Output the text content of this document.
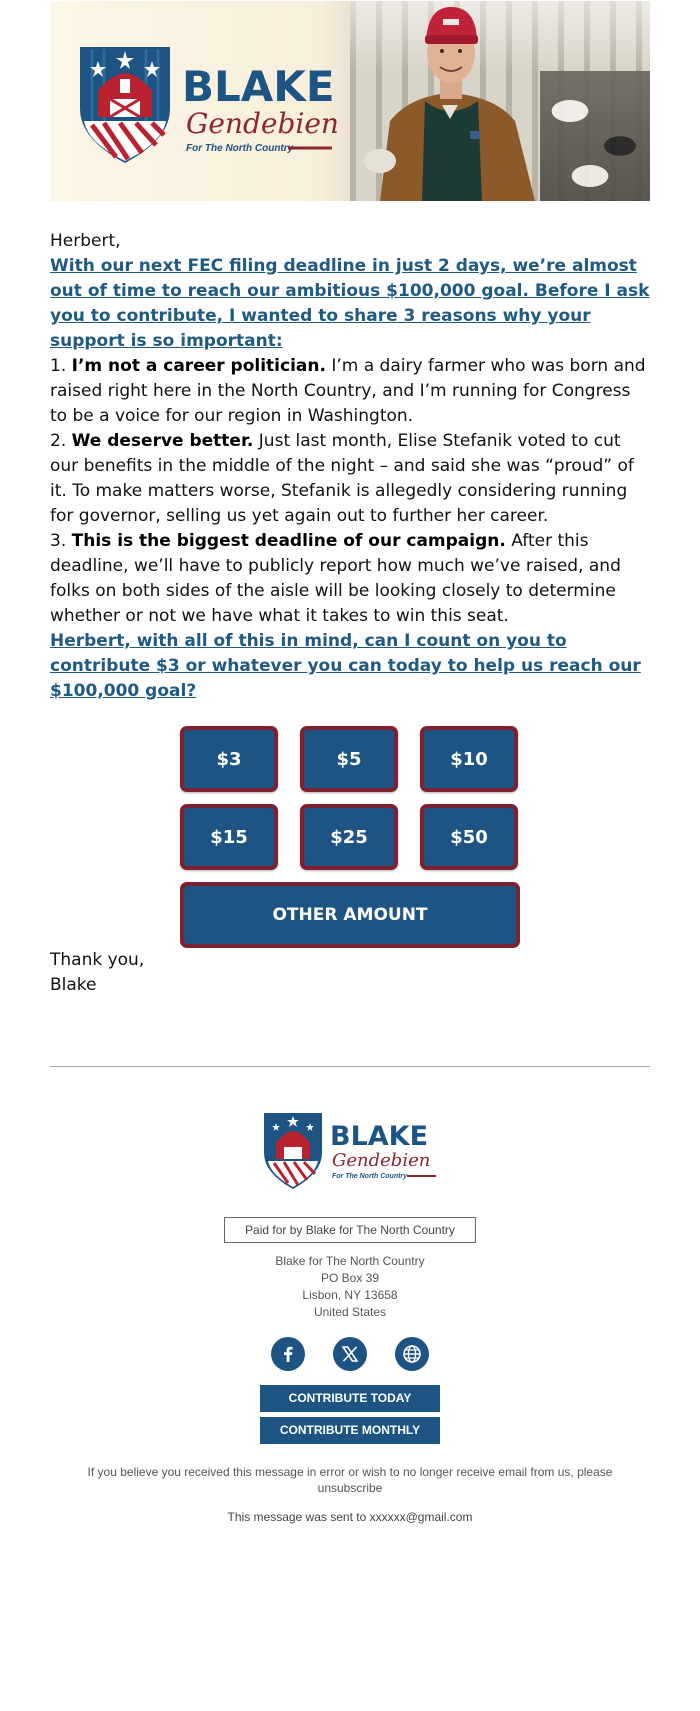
BLAKE
Gendebien
For The North Country

Herbert,

With our next FEC filing deadline in just 2 days, we’re almost out of time to reach our ambitious $100,000 goal. Before I ask you to contribute, I wanted to share 3 reasons why your support is so important:

1. I’m not a career politician. I’m a dairy farmer who was born and raised right here in the North Country, and I’m running for Congress to be a voice for our region in Washington.

2. We deserve better. Just last month, Elise Stefanik voted to cut our benefits in the middle of the night – and said she was “proud” of it. To make matters worse, Stefanik is allegedly considering running for governor, selling us yet again out to further her career.

3. This is the biggest deadline of our campaign. After this deadline, we’ll have to publicly report how much we’ve raised, and folks on both sides of the aisle will be looking closely to determine whether or not we have what it takes to win this seat.

Herbert, with all of this in mind, can I count on you to contribute $3 or whatever you can today to help us reach our $100,000 goal?

$3	$5	$10
$15	$25	$50
OTHER AMOUNT

Thank you,

Blake

BLAKE
Gendebien
For The North Country
Paid for by Blake for The North Country
Blake for The North Country
PO Box 39
Lisbon, NY 13658
United States
CONTRIBUTE TODAY
CONTRIBUTE MONTHLY
If you believe you received this message in error or wish to no longer receive email from us, please
unsubscribe
This message was sent to xxxxxx@gmail.com
